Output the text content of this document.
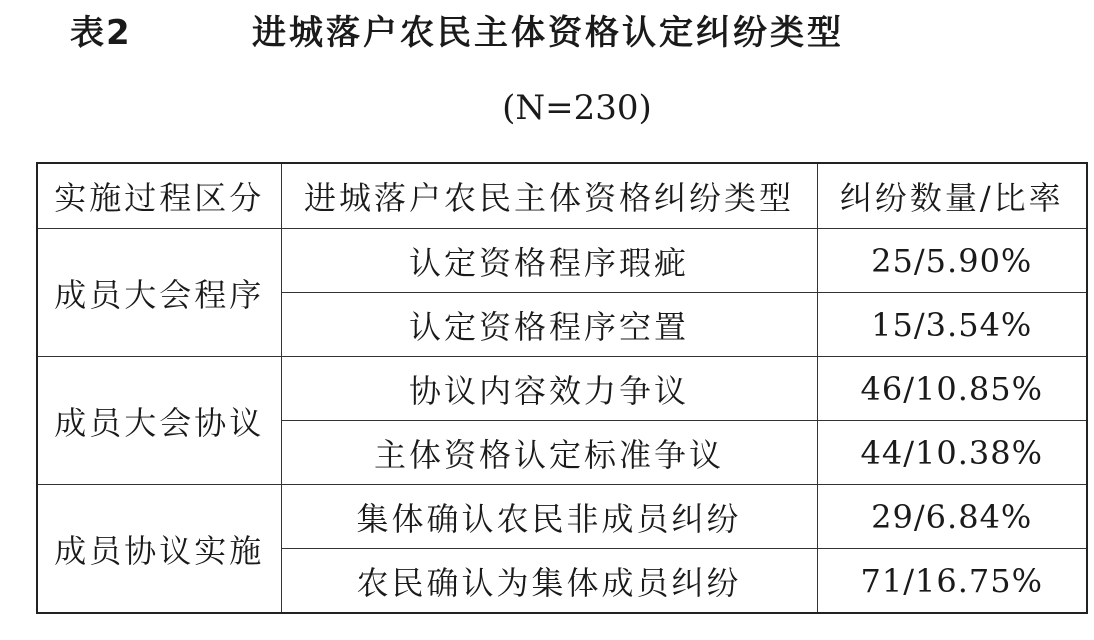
表2	进城落户农民主体资格认定纠纷类型
(N=230)
实施过程区分	进城落户农民主体资格纠纷类型	纠纷数量/比率
成员大会程序	认定资格程序瑕疵	25/5.90%
	认定资格程序空置	15/3.54%
成员大会协议	协议内容效力争议	46/10.85%
	主体资格认定标准争议	44/10.38%
成员协议实施	集体确认农民非成员纠纷	29/6.84%
	农民确认为集体成员纠纷	71/16.75%
